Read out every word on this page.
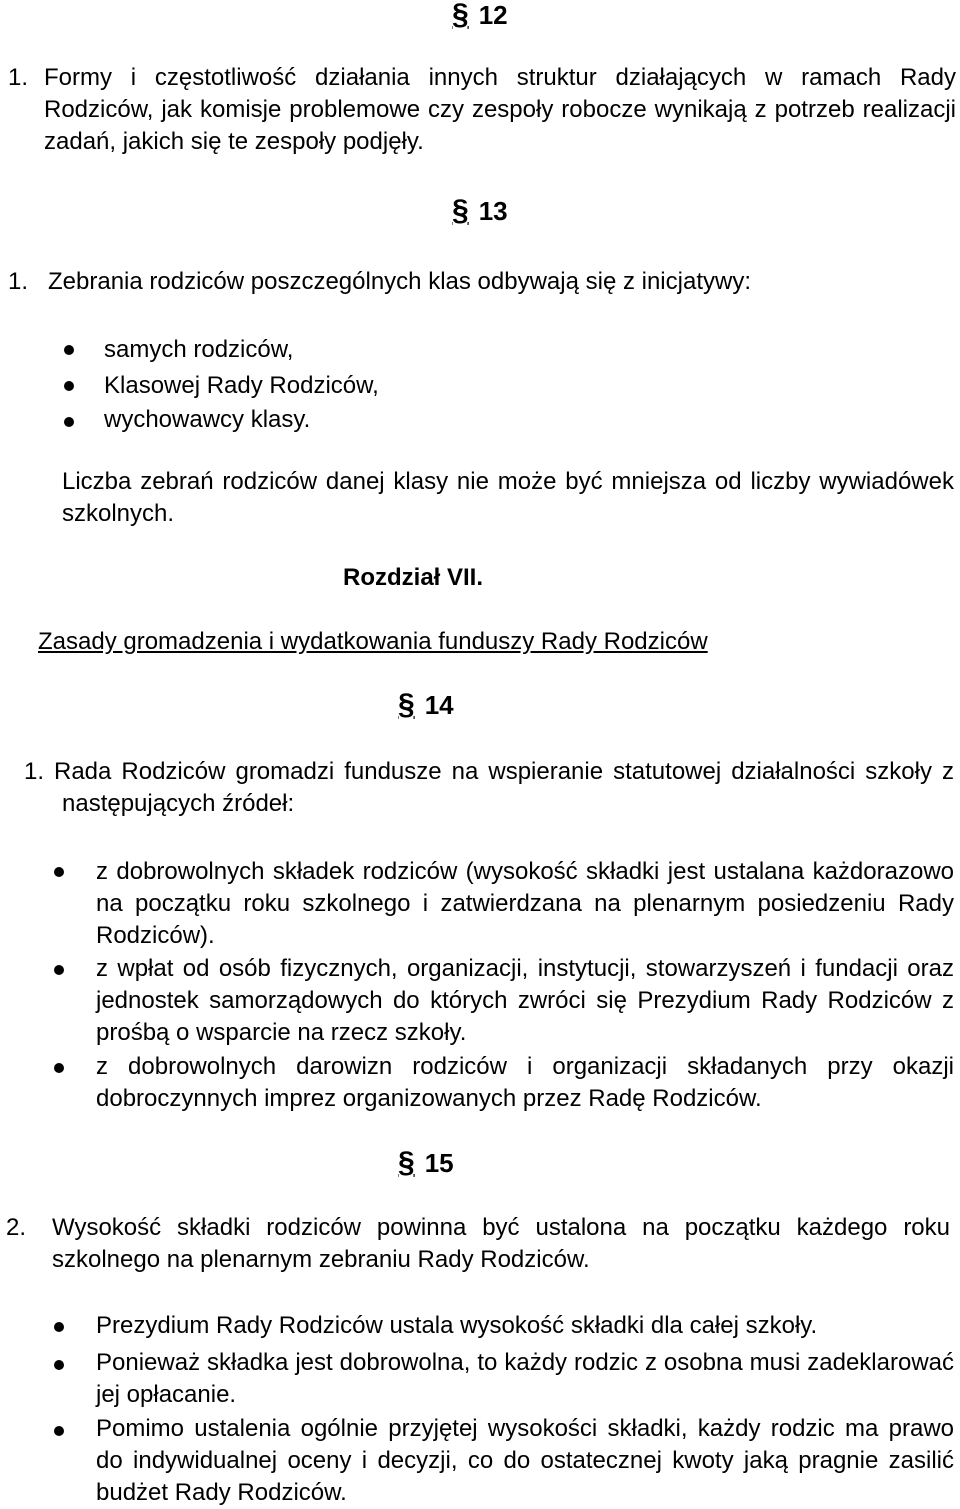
§ 12
1. Formy i częstotliwość działania innych struktur działających w ramach Rady Rodziców, jak komisje problemowe czy zespoły robocze wynikają z potrzeb realizacji zadań, jakich się te zespoły podjęły.
§ 13
1. Zebrania rodziców poszczególnych klas odbywają się z inicjatywy:
samych rodziców,
Klasowej Rady Rodziców,
wychowawcy klasy.
Liczba zebrań rodziców danej klasy nie może być mniejsza od liczby wywiadówek szkolnych.
Rozdział VII.
Zasady gromadzenia i wydatkowania funduszy Rady Rodziców
§ 14
1. Rada Rodziców gromadzi fundusze na wspieranie statutowej działalności szkoły z następujących źródeł:
z dobrowolnych składek rodziców (wysokość składki jest ustalana każdorazowo na początku roku szkolnego i zatwierdzana na plenarnym posiedzeniu Rady Rodziców).
z wpłat od osób fizycznych, organizacji, instytucji, stowarzyszeń i fundacji oraz jednostek samorządowych do których zwróci się Prezydium Rady Rodziców z prośbą o wsparcie na rzecz szkoły.
z dobrowolnych darowizn rodziców i organizacji składanych przy okazji dobroczynnych imprez organizowanych przez Radę Rodziców.
§ 15
2. Wysokość składki rodziców powinna być ustalona na początku każdego roku szkolnego na plenarnym zebraniu Rady Rodziców.
Prezydium Rady Rodziców ustala wysokość składki dla całej szkoły.
Ponieważ składka jest dobrowolna, to każdy rodzic z osobna musi zadeklarować jej opłacanie.
Pomimo ustalenia ogólnie przyjętej wysokości składki, każdy rodzic ma prawo do indywidualnej oceny i decyzji, co do ostatecznej kwoty jaką pragnie zasilić budżet Rady Rodziców.
